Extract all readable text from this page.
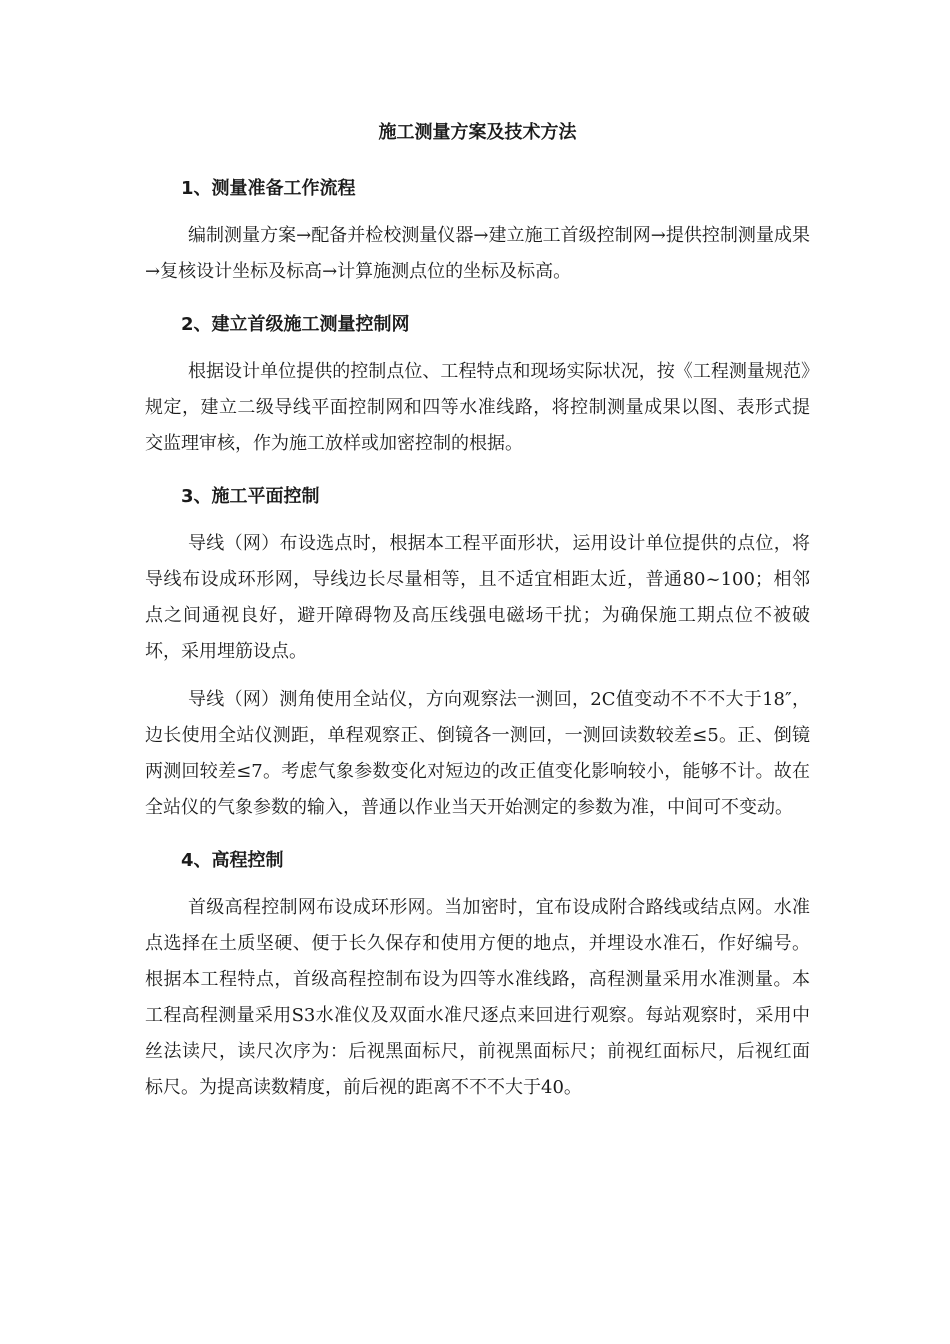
施工测量方案及技术方法
1、测量准备工作流程

编制测量方案→配备并检校测量仪器→建立施工首级控制网→提供控制测量成果→复核设计坐标及标高→计算施测点位的坐标及标高。

2、建立首级施工测量控制网

根据设计单位提供的控制点位、工程特点和现场实际状况，按《工程测量规范》规定，建立二级导线平面控制网和四等水准线路，将控制测量成果以图、表形式提交监理审核，作为施工放样或加密控制的根据。

3、施工平面控制

导线（网）布设选点时，根据本工程平面形状，运用设计单位提供的点位，将导线布设成环形网，导线边长尽量相等，且不适宜相距太近，普通80~100；相邻点之间通视良好，避开障碍物及高压线强电磁场干扰；为确保施工期点位不被破坏，采用埋筋设点。

导线（网）测角使用全站仪，方向观察法一测回，2C值变动不不不大于18″，边长使用全站仪测距，单程观察正、倒镜各一测回，一测回读数较差≤5。正、倒镜两测回较差≤7。考虑气象参数变化对短边的改正值变化影响较小，能够不计。故在全站仪的气象参数的输入，普通以作业当天开始测定的参数为准，中间可不变动。

4、高程控制

首级高程控制网布设成环形网。当加密时，宜布设成附合路线或结点网。水准点选择在土质坚硬、便于长久保存和使用方便的地点，并埋设水准石，作好编号。根据本工程特点，首级高程控制布设为四等水准线路，高程测量采用水准测量。本工程高程测量采用S3水准仪及双面水准尺逐点来回进行观察。每站观察时，采用中丝法读尺，读尺次序为：后视黑面标尺，前视黑面标尺；前视红面标尺，后视红面标尺。为提高读数精度，前后视的距离不不不大于40。
